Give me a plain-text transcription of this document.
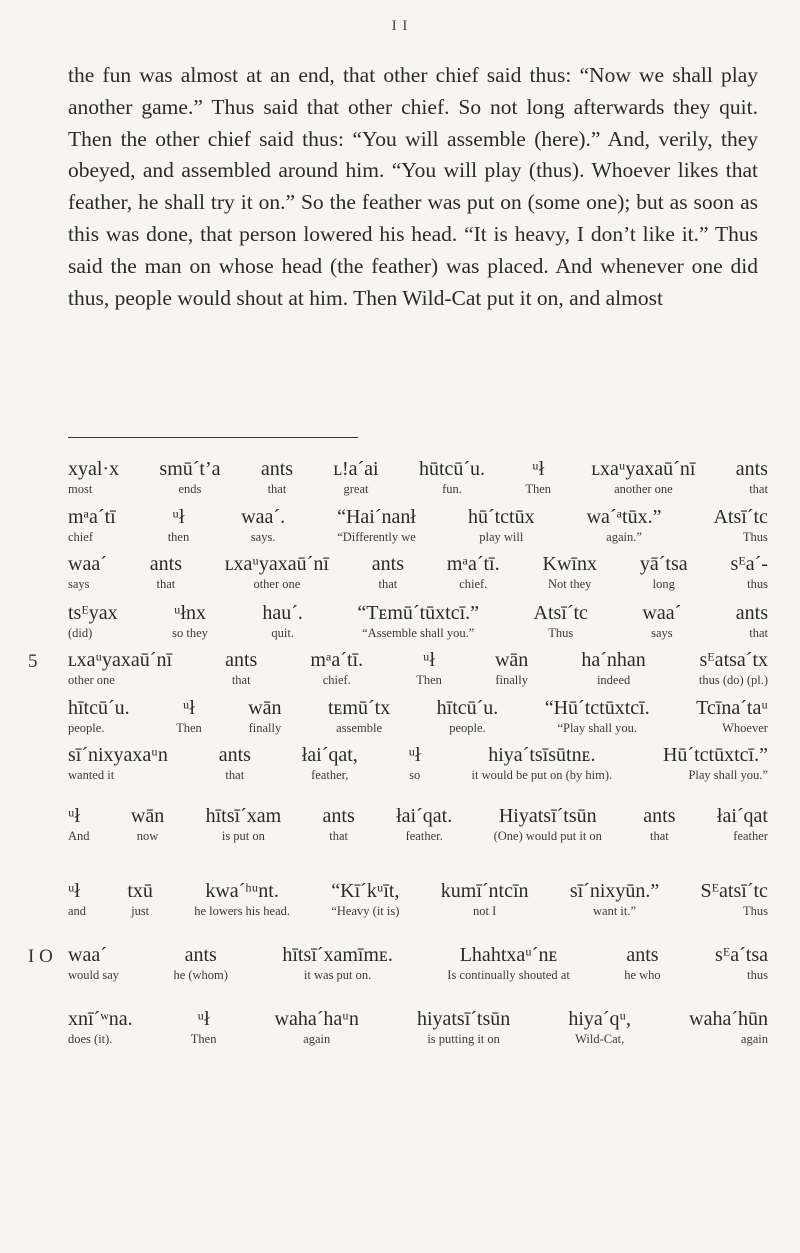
I I
the fun was almost at an end, that other chief said thus: “Now we shall play another game.” Thus said that other chief. So not long afterwards they quit. Then the other chief said thus: “You will assemble (here).” And, verily, they obeyed, and assembled around him. “You will play (thus). Whoever likes that feather, he shall try it on.” So the feather was put on (some one); but as soon as this was done, that person lowered his head. “It is heavy, I don’t like it.” Thus said the man on whose head (the feather) was placed. And whenever one did thus, people would shout at him. Then Wild-Cat put it on, and almost
xyal·x
most
smū´t’a
ends
ants
that
ʟ!a´ai
great
hūtcū´u.
fun.
ᵘł
Then
ʟxaᵘyaxaū´nī
another one
ants
that
mᵃa´tī
chief
ᵘł
then
waa´.
says.
“Hai´nanł
“Differently we
hū´tctūx
play will
wa´ᵃtūx.”
again.”
Atsī´tc
Thus
waa´
says
ants
that
ʟxaᵘyaxaū´nī
other one
ants
that
mᵃa´tī.
chief.
Kwīnx
Not they
yā´tsa
long
sᴱa´-
thus
tsᴱyax
(did)
ᵘłnx
so they
hau´.
quit.
“Tᴇmū´tūxtcī.”
“Assemble shall you.”
Atsī´tc
Thus
waa´
says
ants
that
5 ʟxaᵘyaxaū´nī
other one
ants
that
mᵃa´tī.
chief.
ᵘł
Then
wān
finally
ha´nhan
indeed
sᴱatsa´tx
thus (do) (pl.)
hītcū´u.
people.
ᵘł
Then
wān
finally
tᴇmū´tx
assemble
hītcū´u.
people.
“Hū´tctūxtcī.
“Play shall you.
Tcīna´taᵘ
Whoever
sī´nixyaxaᵘn
wanted it
ants
that
łai´qat,
feather,
ᵘł
so
hiya´tsīsūtnᴇ.
it would be put on (by him).
Hū´tctūxtcī.”
Play shall you.”
ᵘł
And
wān
now
hītsī´xam
is put on
ants
that
łai´qat.
feather.
Hiyatsī´tsūn
(One) would put it on
ants
that
łai´qat
feather
ᵘł
and
txū
just
kwa´ʰᵘnt.
he lowers his head.
“Kī´kᵘīt,
“Heavy (it is)
kumī´ntcīn
not I
sī´nixyūn.”
want it.”
Sᴱatsī´tc
Thus
I O waa´
would say
ants
he (whom)
hītsī´xamīmᴇ.
it was put on.
Lhahtxaᵘ´nᴇ
Is continually shouted at
ants
he who
sᴱa´tsa
thus
xnī´ʷna.
does (it).
ᵘł
Then
waha´haᵘn
again
hiyatsī´tsūn
is putting it on
hiya´qᵘ,
Wild-Cat,
waha´hūn
again
